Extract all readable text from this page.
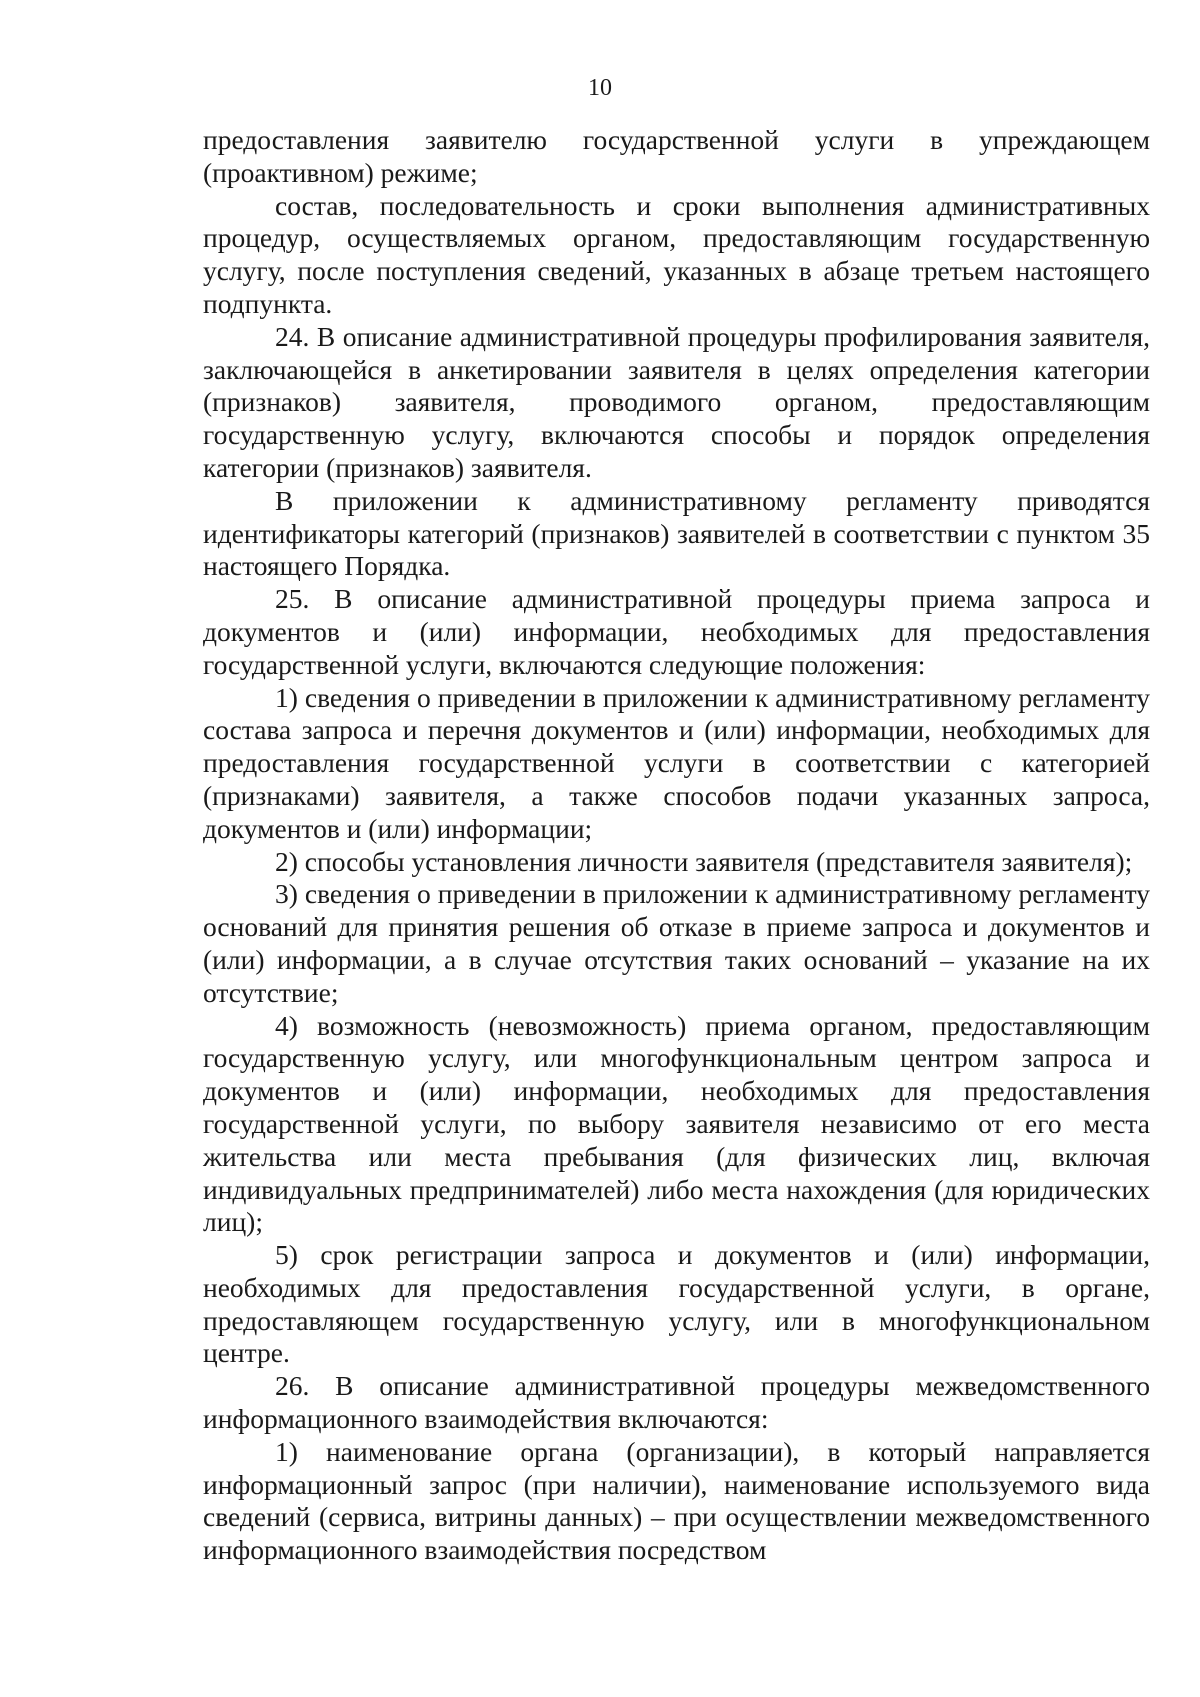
10

предоставления заявителю государственной услуги в упреждающем (проактивном) режиме;

состав, последовательность и сроки выполнения административных процедур, осуществляемых органом, предоставляющим государственную услугу, после поступления сведений, указанных в абзаце третьем настоящего подпункта.

24. В описание административной процедуры профилирования заявителя, заключающейся в анкетировании заявителя в целях определения категории (признаков) заявителя, проводимого органом, предоставляющим государственную услугу, включаются способы и порядок определения категории (признаков) заявителя.

В приложении к административному регламенту приводятся идентификаторы категорий (признаков) заявителей в соответствии с пунктом 35 настоящего Порядка.

25. В описание административной процедуры приема запроса и документов и (или) информации, необходимых для предоставления государственной услуги, включаются следующие положения:

1) сведения о приведении в приложении к административному регламенту состава запроса и перечня документов и (или) информации, необходимых для предоставления государственной услуги в соответствии с категорией (признаками) заявителя, а также способов подачи указанных запроса, документов и (или) информации;

2) способы установления личности заявителя (представителя заявителя);

3) сведения о приведении в приложении к административному регламенту оснований для принятия решения об отказе в приеме запроса и документов и (или) информации, а в случае отсутствия таких оснований – указание на их отсутствие;

4) возможность (невозможность) приема органом, предоставляющим государственную услугу, или многофункциональным центром запроса и документов и (или) информации, необходимых для предоставления государственной услуги, по выбору заявителя независимо от его места жительства или места пребывания (для физических лиц, включая индивидуальных предпринимателей) либо места нахождения (для юридических лиц);

5) срок регистрации запроса и документов и (или) информации, необходимых для предоставления государственной услуги, в органе, предоставляющем государственную услугу, или в многофункциональном центре.

26. В описание административной процедуры межведомственного информационного взаимодействия включаются:

1) наименование органа (организации), в который направляется информационный запрос (при наличии), наименование используемого вида сведений (сервиса, витрины данных) – при осуществлении межведомственного информационного взаимодействия посредством
